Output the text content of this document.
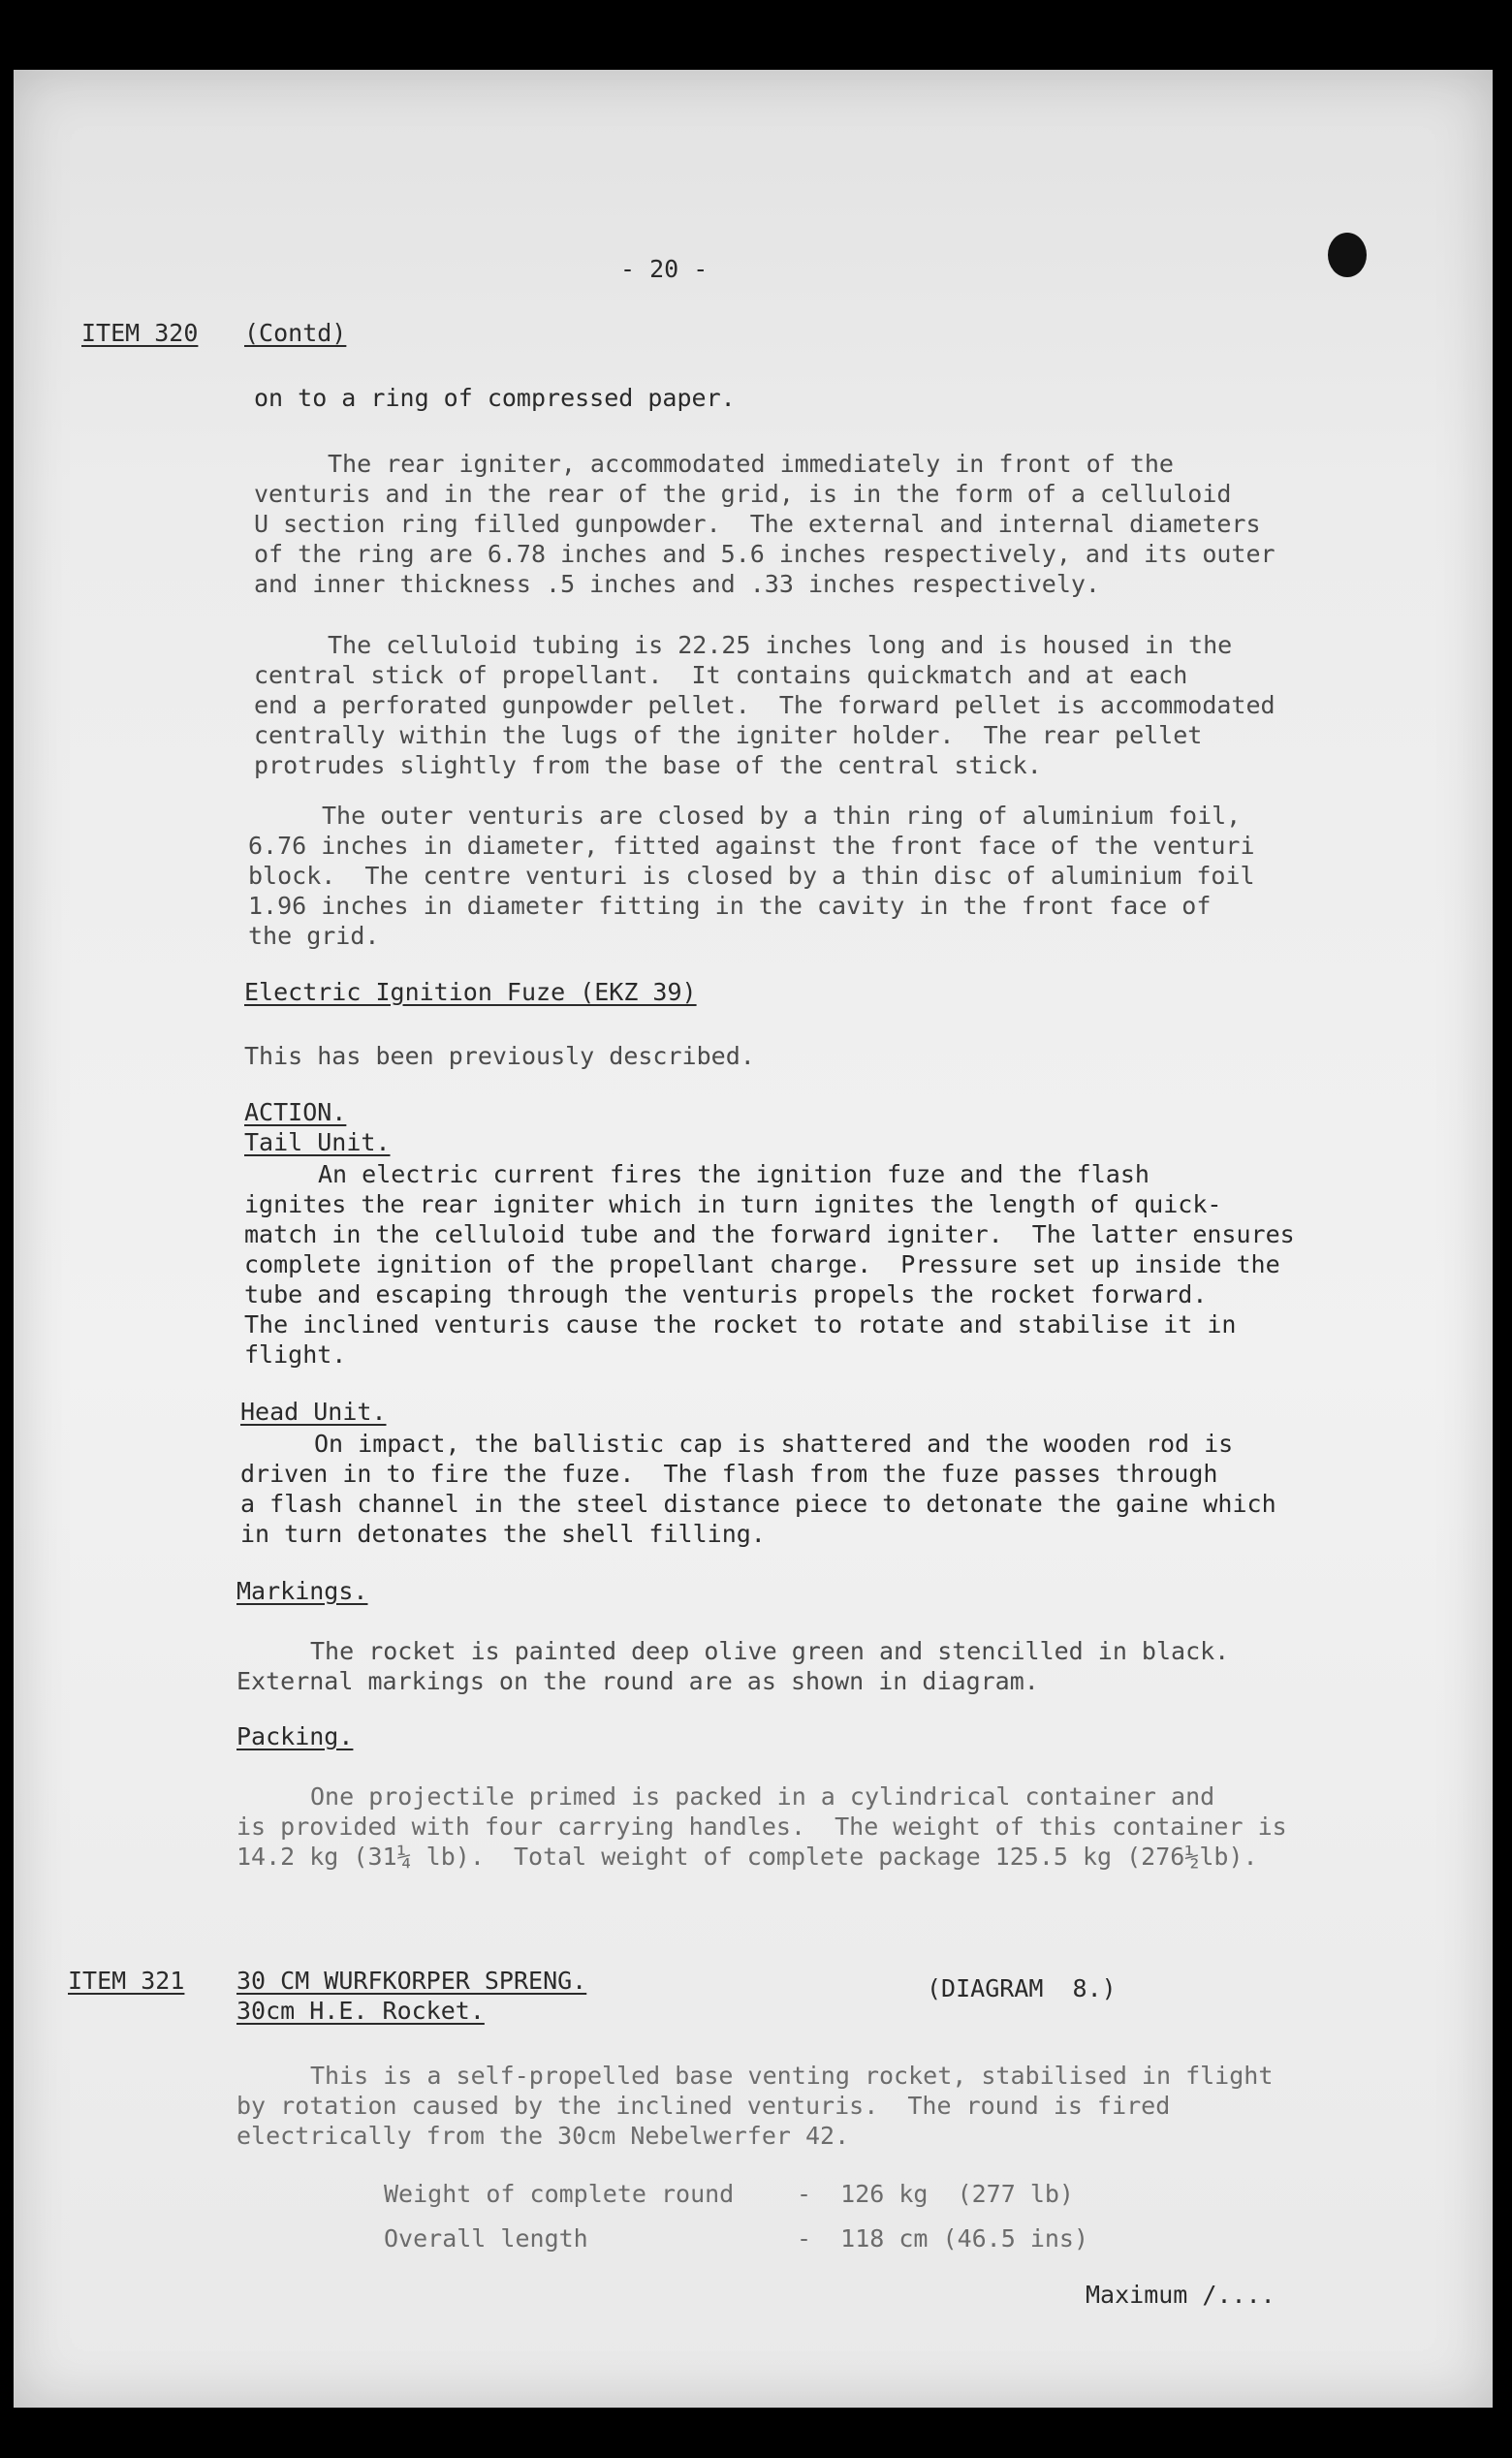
- 20 -

ITEM 320 (Contd)

on to a ring of compressed paper.

The rear igniter, accommodated immediately in front of the

venturis and in the rear of the grid, is in the form of a celluloid

U section ring filled gunpowder.  The external and internal diameters

of the ring are 6.78 inches and 5.6 inches respectively, and its outer

and inner thickness .5 inches and .33 inches respectively.

The celluloid tubing is 22.25 inches long and is housed in the

central stick of propellant.  It contains quickmatch and at each

end a perforated gunpowder pellet.  The forward pellet is accommodated

centrally within the lugs of the igniter holder.  The rear pellet

protrudes slightly from the base of the central stick.

The outer venturis are closed by a thin ring of aluminium foil,

6.76 inches in diameter, fitted against the front face of the venturi

block.  The centre venturi is closed by a thin disc of aluminium foil

1.96 inches in diameter fitting in the cavity in the front face of

the grid.

Electric Ignition Fuze (EKZ 39)

This has been previously described.

ACTION.

Tail Unit.

An electric current fires the ignition fuze and the flash

ignites the rear igniter which in turn ignites the length of quick-

match in the celluloid tube and the forward igniter.  The latter ensures

complete ignition of the propellant charge.  Pressure set up inside the

tube and escaping through the venturis propels the rocket forward.

The inclined venturis cause the rocket to rotate and stabilise it in

flight.

Head Unit.

On impact, the ballistic cap is shattered and the wooden rod is

driven in to fire the fuze.  The flash from the fuze passes through

a flash channel in the steel distance piece to detonate the gaine which

in turn detonates the shell filling.

Markings.

The rocket is painted deep olive green and stencilled in black.

External markings on the round are as shown in diagram.

Packing.

One projectile primed is packed in a cylindrical container and

is provided with four carrying handles.  The weight of this container is

14.2 kg (31¼ lb).  Total weight of complete package 125.5 kg (276½lb).

ITEM 321 30 CM WURFKORPER SPRENG.

30cm H.E. Rocket.

(DIAGRAM  8.)

This is a self-propelled base venting rocket, stabilised in flight

by rotation caused by the inclined venturis.  The round is fired

electrically from the 30cm Nebelwerfer 42.

Weight of complete round	-  126 kg  (277 lb)

Overall length	-  118 cm (46.5 ins)

Maximum /....
